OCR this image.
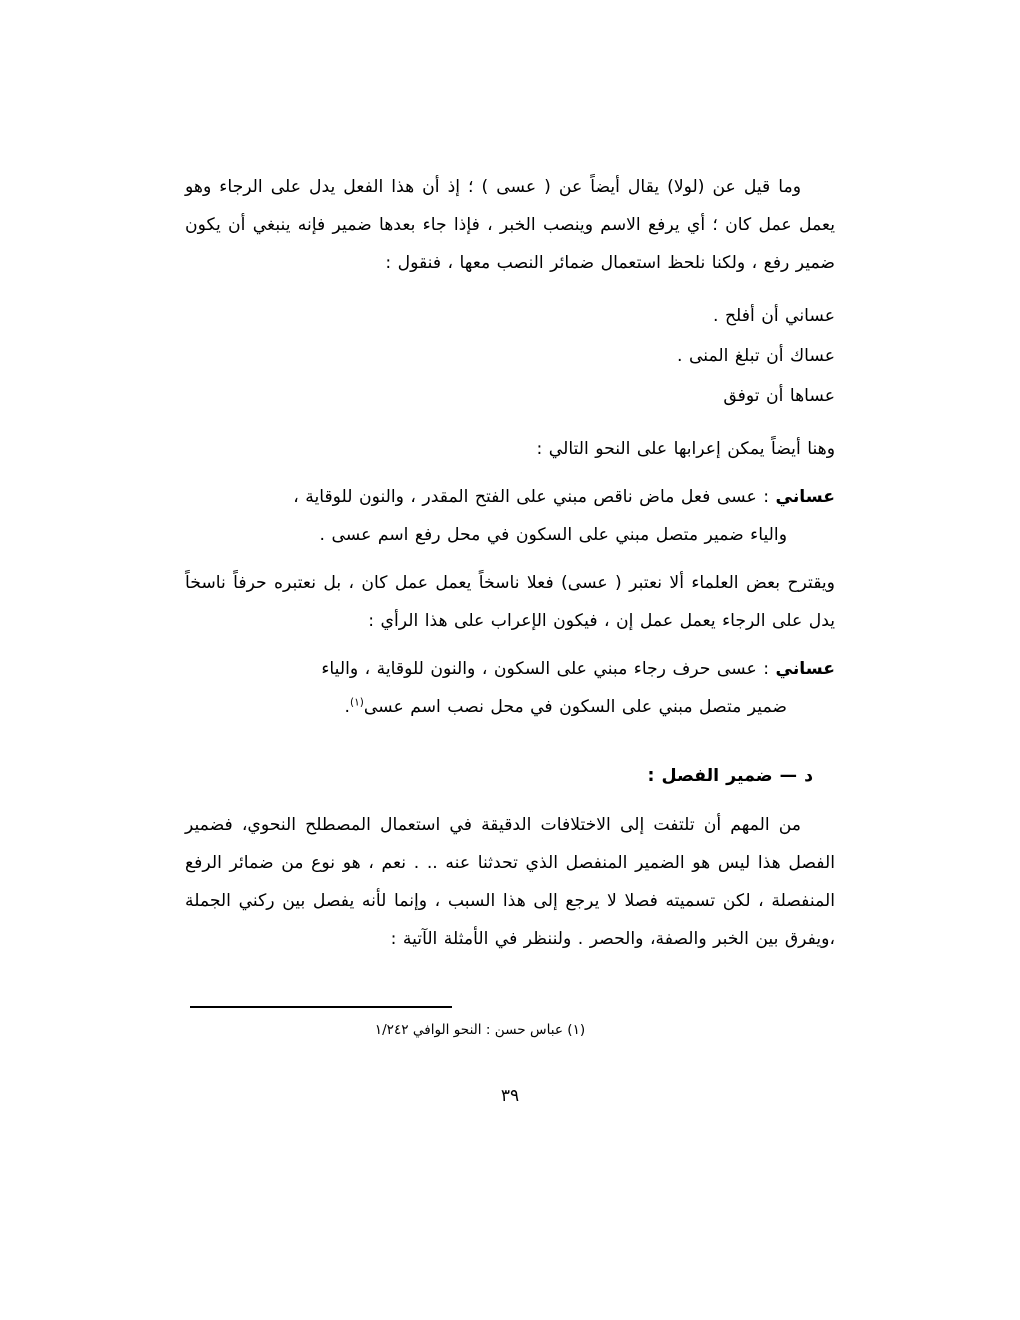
وما قيل عن (لولا) يقال أيضاً عن ( عسى ) ؛ إذ أن هذا الفعل يدل على الرجاء وهو يعمل عمل كان ؛ أي يرفع الاسم وينصب الخبر ، فإذا جاء بعدها ضمير فإنه ينبغي أن يكون ضمير رفع ، ولكنا نلحظ استعمال ضمائر النصب معها ، فنقول :

عساني أن أفلح .

عساك أن تبلغ المنى .

عساها أن توفق

وهنا أيضاً يمكن إعرابها على النحو التالي :

عساني : عسى فعل ماض ناقص مبني على الفتح المقدر ، والنون للوقاية ،
والياء ضمير متصل مبني على السكون في محل رفع اسم عسى .

ويقترح بعض العلماء ألا نعتبر ( عسى) فعلا ناسخاً يعمل عمل كان ، بل نعتبره حرفاً ناسخاً يدل على الرجاء يعمل عمل إن ، فيكون الإعراب على هذا الرأي :

عساني : عسى حرف رجاء مبني على السكون ، والنون للوقاية ، والياء
ضمير متصل مبني على السكون في محل نصب اسم عسى$^{(١)}$.

د — ضمير الفصل :

من المهم أن تلتفت إلى الاختلافات الدقيقة في استعمال المصطلح النحوي، فضمير الفصل هذا ليس هو الضمير المنفصل الذي تحدثنا عنه .. . نعم ، هو نوع من ضمائر الرفع المنفصلة ، لكن تسميته فصلا لا يرجع إلى هذا السبب ، وإنما لأنه يفصل بين ركني الجملة ،ويفرق بين الخبر والصفة، والحصر . ولننظر في الأمثلة الآتية :

(١) عباس حسن : النحو الوافي ١/٢٤٢
٣٩
